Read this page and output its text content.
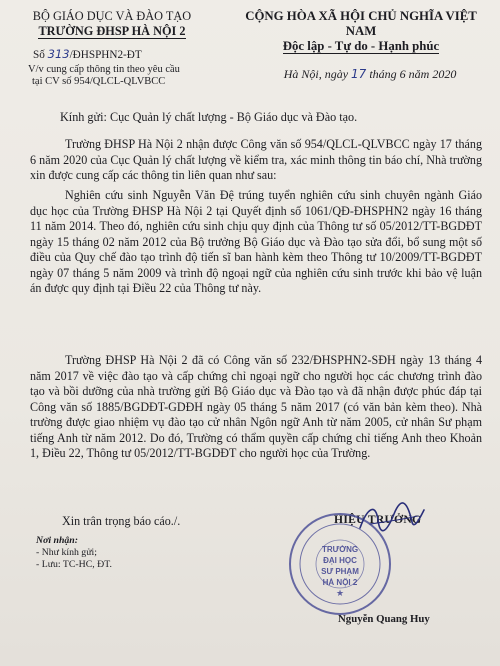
BỘ GIÁO DỤC VÀ ĐÀO TẠO
TRƯỜNG ĐHSP HÀ NỘI 2
Số 313/ĐHSPHN2-ĐT
V/v cung cấp thông tin theo yêu cầu
tại CV số 954/QLCL-QLVBCC
CỘNG HÒA XÃ HỘI CHỦ NGHĨA VIỆT NAM
Độc lập - Tự do - Hạnh phúc
Hà Nội, ngày 17 tháng 6 năm 2020
Kính gửi: Cục Quản lý chất lượng - Bộ Giáo dục và Đào tạo.
Trường ĐHSP Hà Nội 2 nhận được Công văn số 954/QLCL-QLVBCC ngày 17 tháng 6 năm 2020 của Cục Quản lý chất lượng về kiểm tra, xác minh thông tin báo chí, Nhà trường xin được cung cấp các thông tin liên quan như sau:
Nghiên cứu sinh Nguyễn Văn Đệ trúng tuyển nghiên cứu sinh chuyên ngành Giáo dục học của Trường ĐHSP Hà Nội 2 tại Quyết định số 1061/QĐ-ĐHSPHN2 ngày 16 tháng 11 năm 2014. Theo đó, nghiên cứu sinh chịu quy định của Thông tư số 05/2012/TT-BGDĐT ngày 15 tháng 02 năm 2012 của Bộ trưởng Bộ Giáo dục và Đào tạo sửa đổi, bổ sung một số điều của Quy chế đào tạo trình độ tiến sĩ ban hành kèm theo Thông tư 10/2009/TT-BGDĐT ngày 07 tháng 5 năm 2009 và trình độ ngoại ngữ của nghiên cứu sinh trước khi bảo vệ luận án được quy định tại Điều 22 của Thông tư này.
Trường ĐHSP Hà Nội 2 đã có Công văn số 232/ĐHSPHN2-SĐH ngày 13 tháng 4 năm 2017 về việc đào tạo và cấp chứng chỉ ngoại ngữ cho người học các chương trình đào tạo và bồi dưỡng của nhà trường gửi Bộ Giáo dục và Đào tạo và đã nhận được phúc đáp tại Công văn số 1885/BGDĐT-GDĐH ngày 05 tháng 5 năm 2017 (có văn bản kèm theo). Nhà trường được giao nhiệm vụ đào tạo cử nhân Ngôn ngữ Anh từ năm 2005, cử nhân Sư phạm tiếng Anh từ năm 2012. Do đó, Trường có thẩm quyền cấp chứng chỉ tiếng Anh theo Khoản 1, Điều 22, Thông tư 05/2012/TT-BGDĐT cho người học của Trường.
Xin trân trọng báo cáo./.
Nơi nhận:
- Như kính gửi;
- Lưu: TC-HC, ĐT.
HIỆU TRƯỞNG
TRƯỜNG
ĐẠI HỌC
SƯ PHẠM
HÀ NỘI 2
★
Nguyễn Quang Huy
